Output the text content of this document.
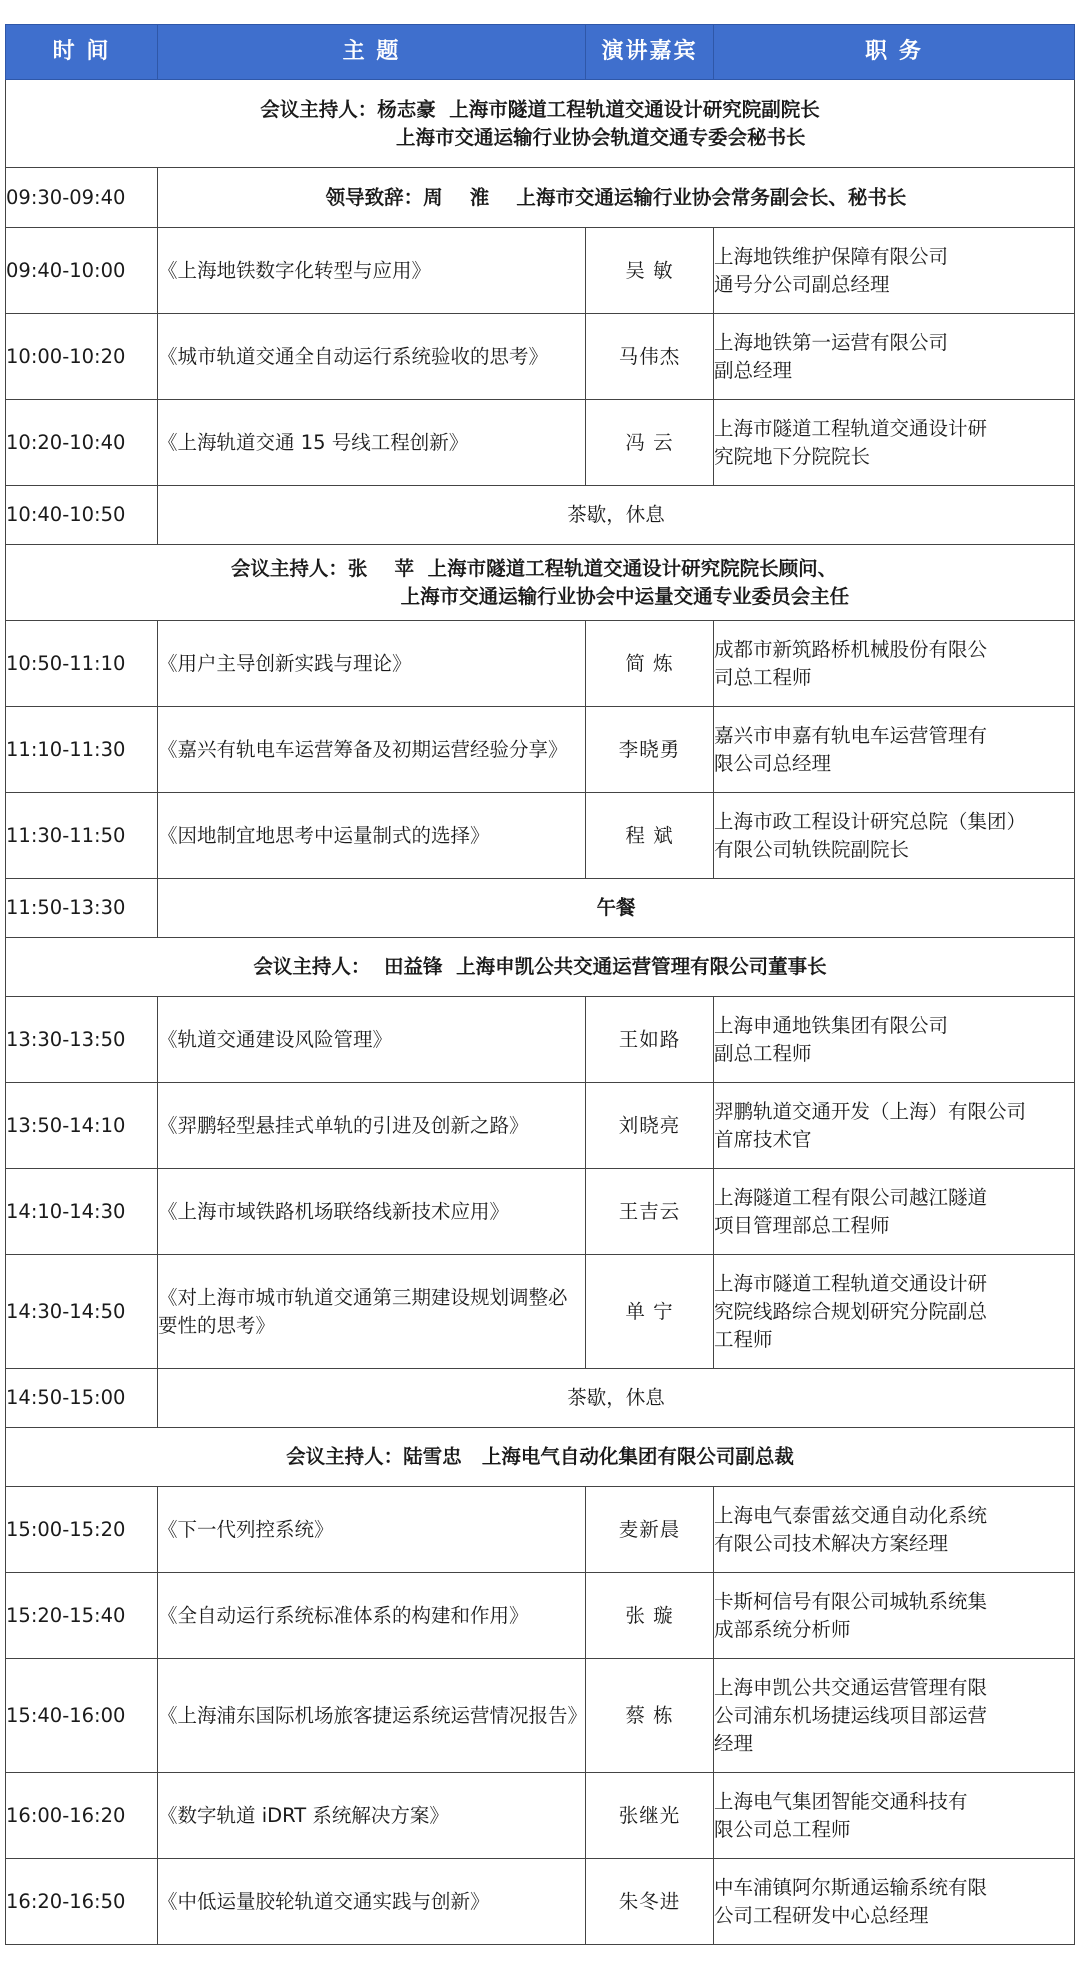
时 间	主 题	演讲嘉宾	职 务

会议主持人：杨志豪  上海市隧道工程轨道交通设计研究院副院长
上海市交通运输行业协会轨道交通专委会秘书长			

09:30-09:40	领导致辞：周    淮    上海市交通运输行业协会常务副会长、秘书长		
09:40-10:00	《上海地铁数字化转型与应用》	吴 敏	上海地铁维护保障有限公司
通号分公司副总经理

10:00-10:20	《城市轨道交通全自动运行系统验收的思考》	马伟杰	上海地铁第一运营有限公司
副总经理

10:20-10:40	《上海轨道交通 15 号线工程创新》	冯 云	上海市隧道工程轨道交通设计研
究院地下分院院长

10:40-10:50	茶歇，休息		

会议主持人：张    苹  上海市隧道工程轨道交通设计研究院院长顾问、
上海市交通运输行业协会中运量交通专业委员会主任			

10:50-11:10	《用户主导创新实践与理论》	简 炼	成都市新筑路桥机械股份有限公
司总工程师

11:10-11:30	《嘉兴有轨电车运营筹备及初期运营经验分享》	李晓勇	嘉兴市申嘉有轨电车运营管理有
限公司总经理

11:30-11:50	《因地制宜地思考中运量制式的选择》	程 斌	上海市政工程设计研究总院（集团）
有限公司轨铁院副院长

11:50-13:30	午餐		

会议主持人：  田益锋  上海申凯公共交通运营管理有限公司董事长			

13:30-13:50	《轨道交通建设风险管理》	王如路	上海申通地铁集团有限公司
副总工程师

13:50-14:10	《羿鹏轻型悬挂式单轨的引进及创新之路》	刘晓亮	羿鹏轨道交通开发（上海）有限公司
首席技术官

14:10-14:30	《上海市域铁路机场联络线新技术应用》	王吉云	上海隧道工程有限公司越江隧道
项目管理部总工程师

14:30-14:50	《对上海市城市轨道交通第三期建设规划调整必要性的思考》	单 宁	上海市隧道工程轨道交通设计研
究院线路综合规划研究分院副总
工程师

14:50-15:00	茶歇，休息		

会议主持人：陆雪忠   上海电气自动化集团有限公司副总裁			

15:00-15:20	《下一代列控系统》	麦新晨	上海电气泰雷兹交通自动化系统
有限公司技术解决方案经理

15:20-15:40	《全自动运行系统标准体系的构建和作用》	张 璇	卡斯柯信号有限公司城轨系统集
成部系统分析师

15:40-16:00	《上海浦东国际机场旅客捷运系统运营情况报告》	蔡 栋	上海申凯公共交通运营管理有限
公司浦东机场捷运线项目部运营
经理

16:00-16:20	《数字轨道 iDRT 系统解决方案》	张继光	上海电气集团智能交通科技有
限公司总工程师

16:20-16:50	《中低运量胶轮轨道交通实践与创新》	朱冬进	中车浦镇阿尔斯通运输系统有限
公司工程研发中心总经理
